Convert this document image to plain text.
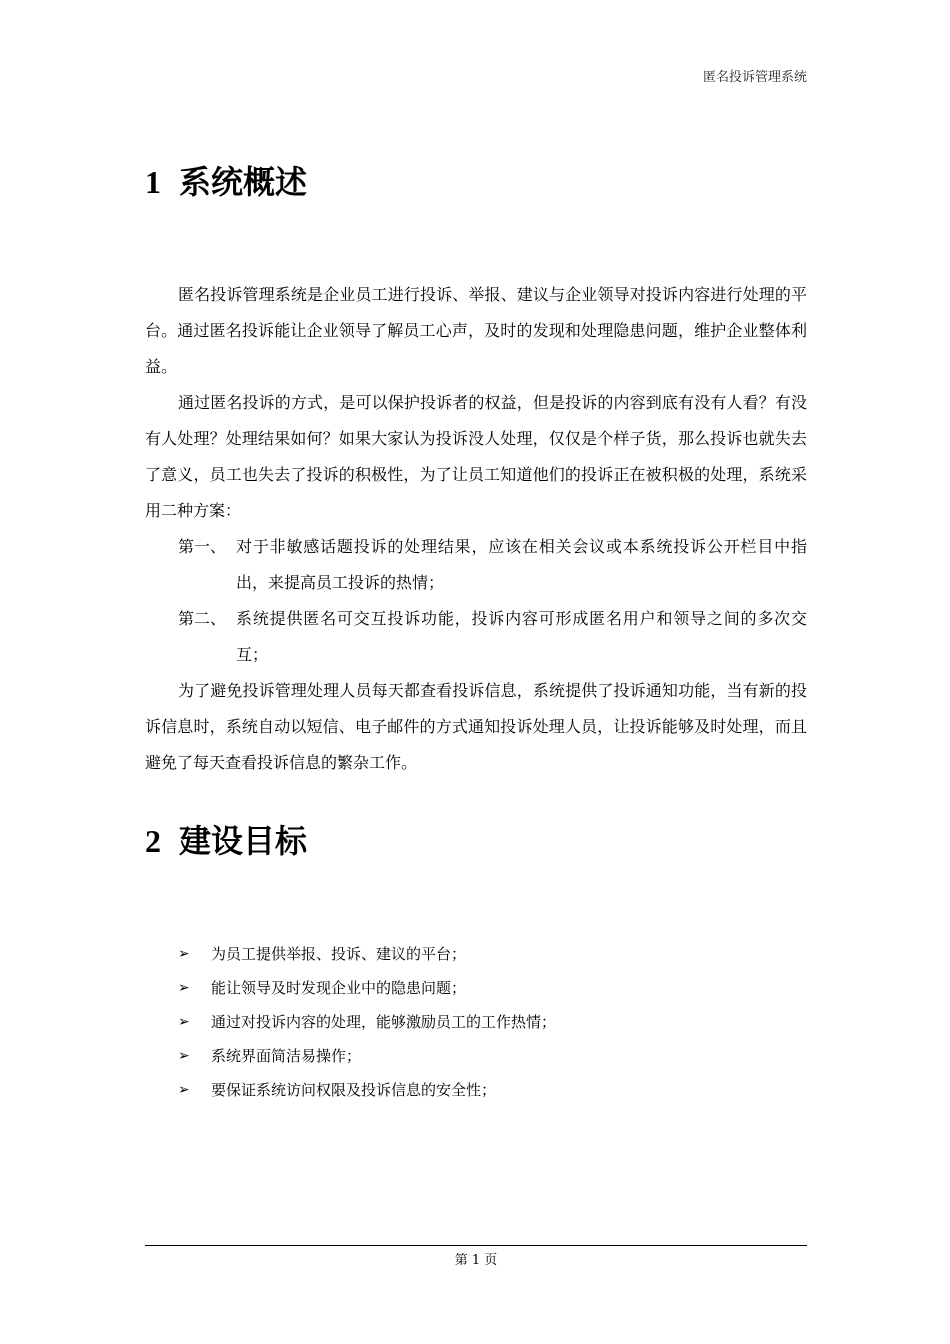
匿名投诉管理系统
1 系统概述

匿名投诉管理系统是企业员工进行投诉、举报、建议与企业领导对投诉内容进行处理的平台。通过匿名投诉能让企业领导了解员工心声，及时的发现和处理隐患问题，维护企业整体利益。

通过匿名投诉的方式，是可以保护投诉者的权益，但是投诉的内容到底有没有人看？有没有人处理？处理结果如何？如果大家认为投诉没人处理，仅仅是个样子货，那么投诉也就失去了意义，员工也失去了投诉的积极性，为了让员工知道他们的投诉正在被积极的处理，系统采用二种方案：

第一、 对于非敏感话题投诉的处理结果，应该在相关会议或本系统投诉公开栏目中指出，来提高员工投诉的热情；
第二、 系统提供匿名可交互投诉功能，投诉内容可形成匿名用户和领导之间的多次交互；

为了避免投诉管理处理人员每天都查看投诉信息，系统提供了投诉通知功能，当有新的投诉信息时，系统自动以短信、电子邮件的方式通知投诉处理人员，让投诉能够及时处理，而且避免了每天查看投诉信息的繁杂工作。

2 建设目标
➢	为员工提供举报、投诉、建议的平台；
➢	能让领导及时发现企业中的隐患问题；
➢	通过对投诉内容的处理，能够激励员工的工作热情；
➢	系统界面简洁易操作；
➢	要保证系统访问权限及投诉信息的安全性；
第 1 页
